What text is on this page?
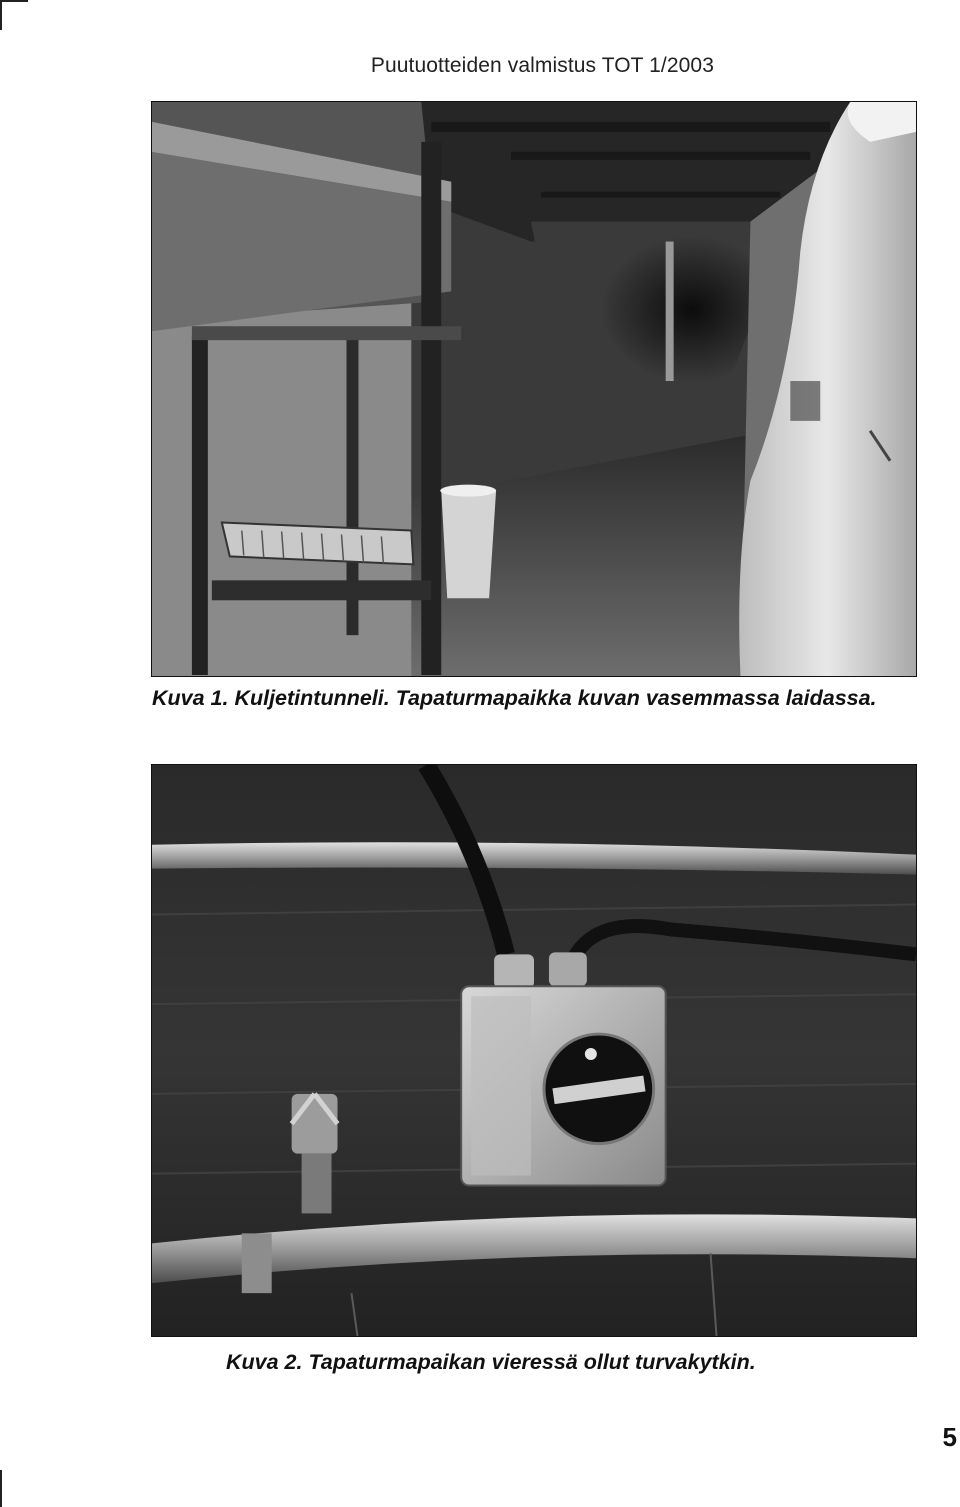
Puutuotteiden valmistus TOT 1/2003
Kuva 1. Kuljetintunneli. Tapaturmapaikka kuvan vasemmassa laidassa.
Kuva 2. Tapaturmapaikan vieressä ollut turvakytkin.
5
